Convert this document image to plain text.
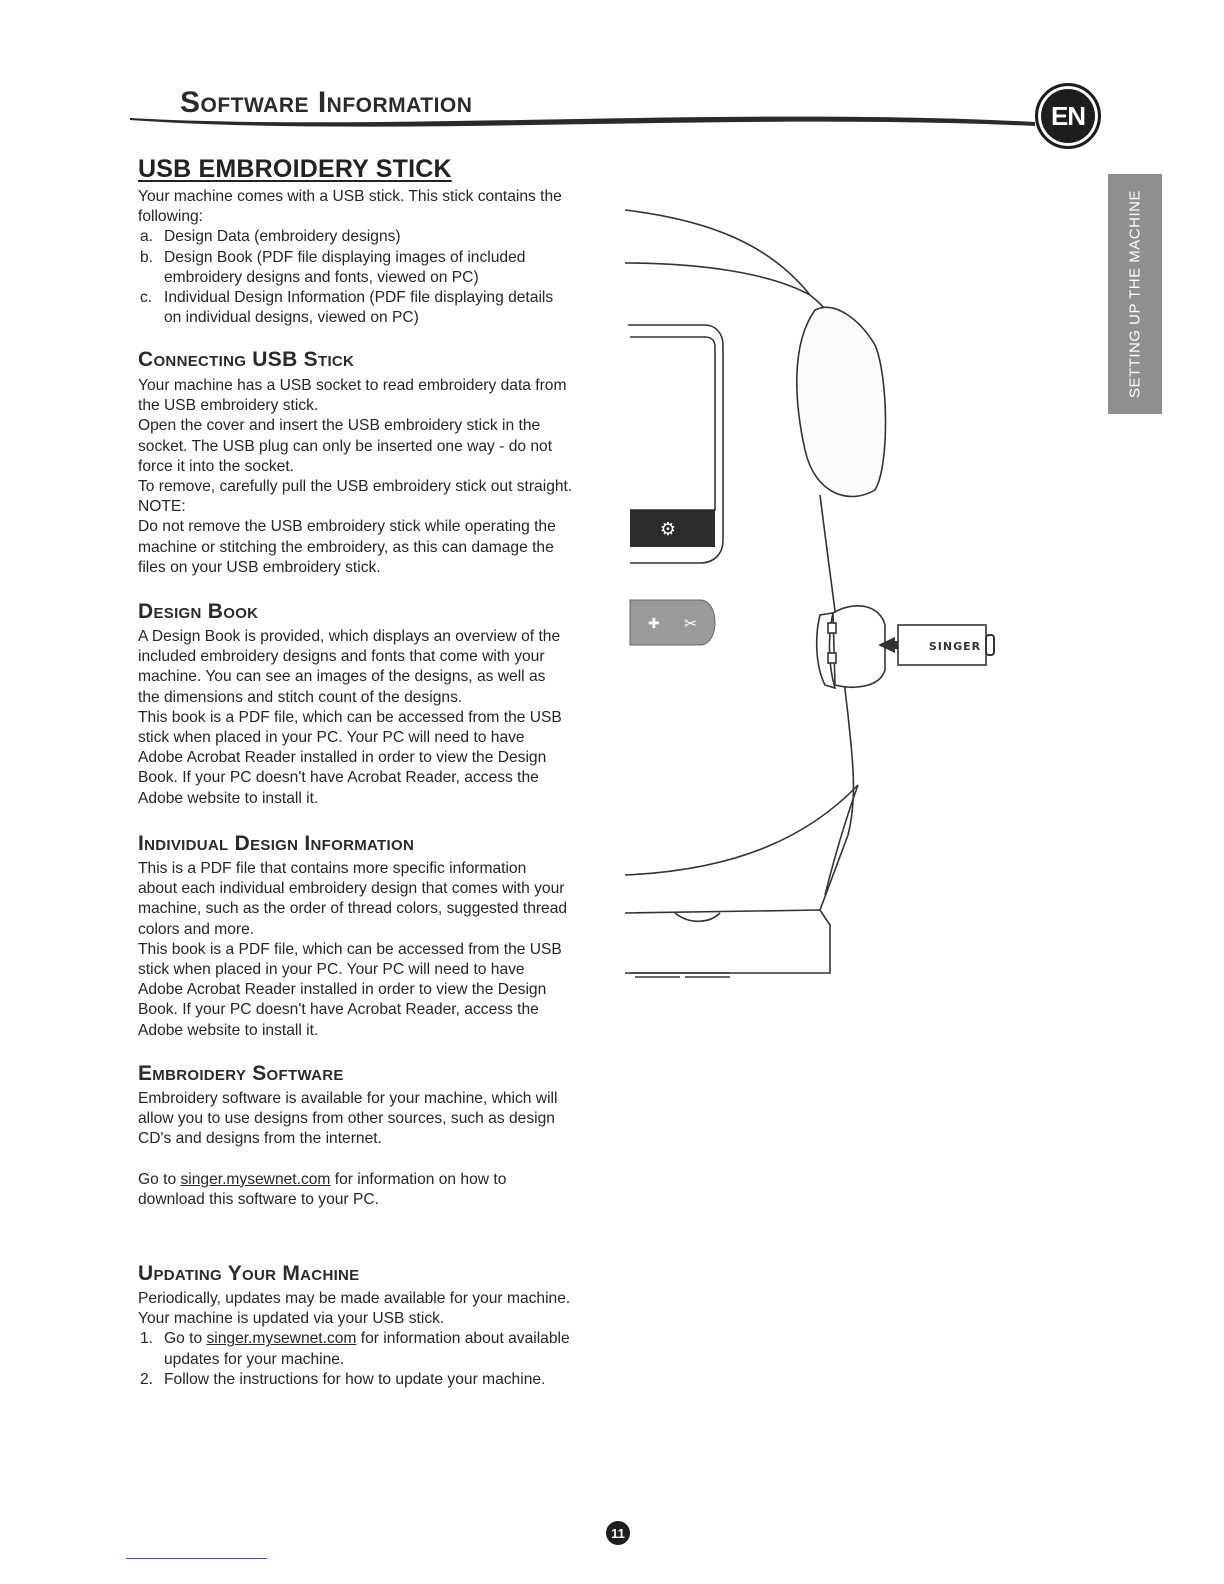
Software Information	EN
SETTING UP THE MACHINE
USB EMBROIDERY STICK

Your machine comes with a USB stick. This stick contains the

following:

a. Design Data (embroidery designs)
b. Design Book (PDF file displaying images of included
embroidery designs and fonts, viewed on PC)
c. Individual Design Information (PDF file displaying details
on individual designs, viewed on PC)
Connecting USB Stick

Your machine has a USB socket to read embroidery data from

the USB embroidery stick.

Open the cover and insert the USB embroidery stick in the

socket. The USB plug can only be inserted one way - do not

force it into the socket.

To remove, carefully pull the USB embroidery stick out straight.

NOTE:

Do not remove the USB embroidery stick while operating the

machine or stitching the embroidery, as this can damage the

files on your USB embroidery stick.

Design Book

A Design Book is provided, which displays an overview of the

included embroidery designs and fonts that come with your

machine. You can see an images of the designs, as well as

the dimensions and stitch count of the designs.

This book is a PDF file, which can be accessed from the USB

stick when placed in your PC. Your PC will need to have

Adobe Acrobat Reader installed in order to view the Design

Book. If your PC doesn't have Acrobat Reader, access the

Adobe website to install it.

Individual Design Information

This is a PDF file that contains more specific information

about each individual embroidery design that comes with your

machine, such as the order of thread colors, suggested thread

colors and more.

This book is a PDF file, which can be accessed from the USB

stick when placed in your PC. Your PC will need to have

Adobe Acrobat Reader installed in order to view the Design

Book. If your PC doesn't have Acrobat Reader, access the

Adobe website to install it.

Embroidery Software

Embroidery software is available for your machine, which will

allow you to use designs from other sources, such as design

CD's and designs from the internet.

Go to singer.mysewnet.com for information on how to

download this software to your PC.

Updating Your Machine

Periodically, updates may be made available for your machine.

Your machine is updated via your USB stick.

1. Go to singer.mysewnet.com for information about available
updates for your machine.
2. Follow the instructions for how to update your machine.
⚙
✚ ✂
SINGER
11
